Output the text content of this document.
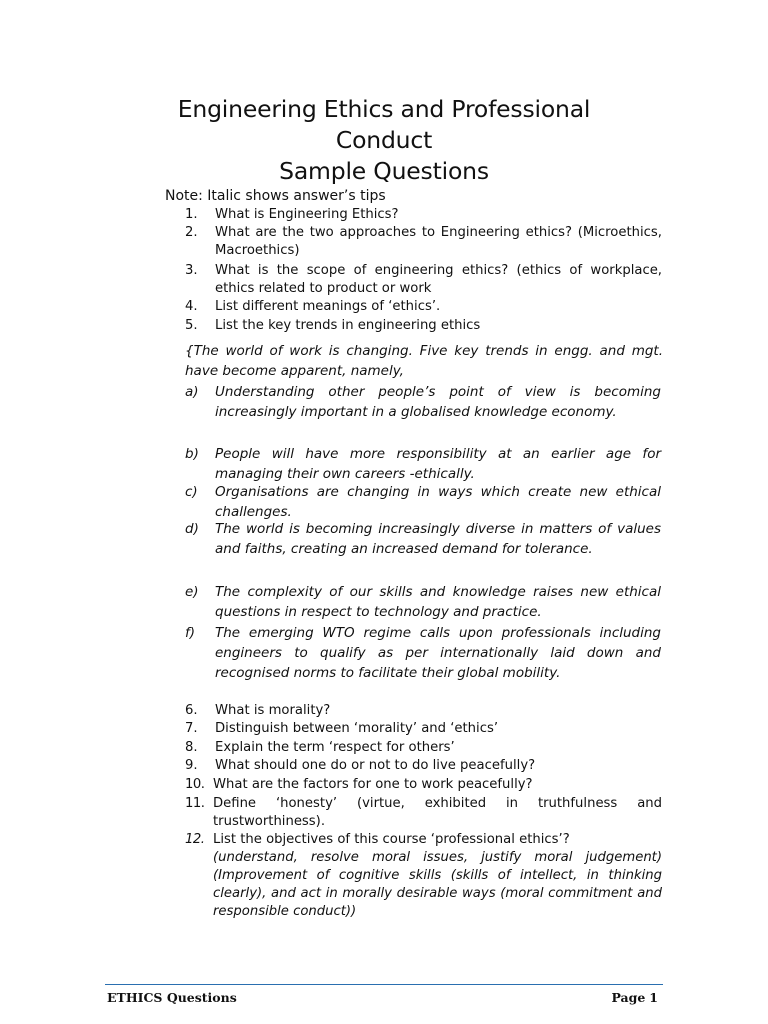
Engineering Ethics and Professional
Conduct
Sample Questions
Note: Italic shows answer’s tips
1. What is Engineering Ethics?
2. What are the two approaches to Engineering ethics? (Microethics, Macroethics)
3. What is the scope of engineering ethics? (ethics of workplace, ethics related to product or work
4. List different meanings of ‘ethics’.
5. List the key trends in engineering ethics
{The world of work is changing. Five key trends in engg. and mgt. have become apparent, namely,
a) Understanding other people’s point of view is becoming increasingly important in a globalised knowledge economy.
b) People will have more responsibility at an earlier age for managing their own careers -ethically.
c) Organisations are changing in ways which create new ethical challenges.
d) The world is becoming increasingly diverse in matters of values and faiths, creating an increased demand for tolerance.
e) The complexity of our skills and knowledge raises new ethical questions in respect to technology and practice.
f) The emerging WTO regime calls upon professionals including engineers to qualify as per internationally laid down and recognised norms to facilitate their global mobility.
6. What is morality?
7. Distinguish between ‘morality’ and ‘ethics’
8. Explain the term ‘respect for others’
9. What should one do or not to do live peacefully?
10. What are the factors for one to work peacefully?
11. Define ‘honesty’ (virtue, exhibited in truthfulness and trustworthiness).
12. List the objectives of this course ‘professional ethics’?
(understand, resolve moral issues, justify moral judgement) (Improvement of cognitive skills (skills of intellect, in thinking clearly), and act in morally desirable ways (moral commitment and responsible conduct))
ETHICS Questions	Page 1
